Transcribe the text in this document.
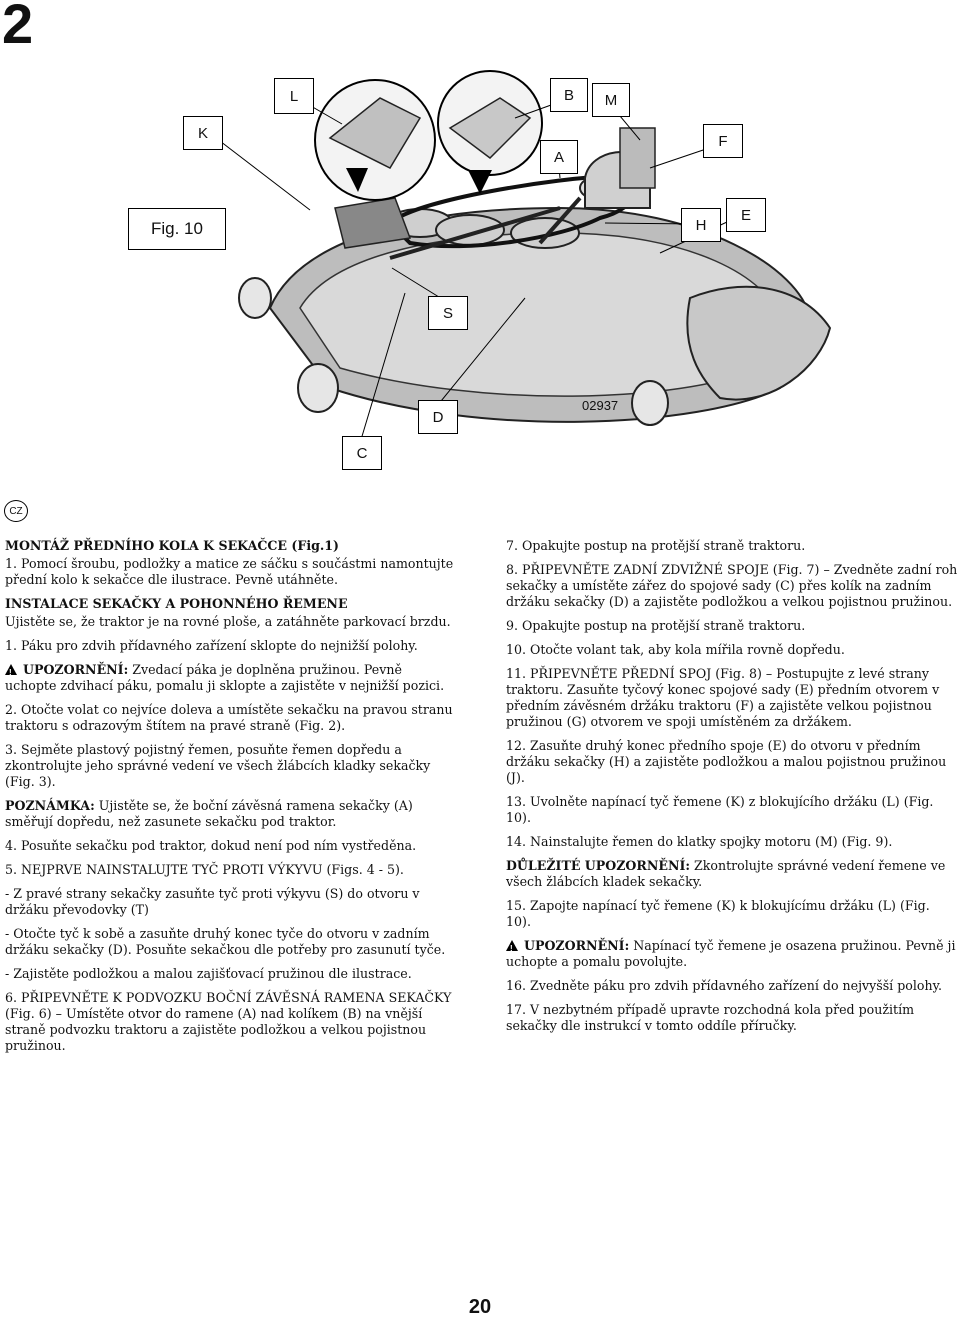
2
Fig. 10
L
K
B	M
A
F
H
E
S
D
C
02937
CZ

MONTÁŽ PŘEDNÍHO KOLA K SEKAČCE (Fig.1)

1. Pomocí šroubu, podložky a matice ze sáčku s součástmi namontujte přední kolo k sekačce dle ilustrace. Pevně utáhněte.

INSTALACE SEKAČKY A POHONNÉHO ŘEMENE

Ujistěte se, že traktor je na rovné ploše, a zatáhněte parkovací brzdu.

1. Páku pro zdvih přídavného zařízení sklopte do nejnižší polohy.

!UPOZORNĚNÍ: Zvedací páka je doplněna pružinou. Pevně uchopte zdvihací páku, pomalu ji sklopte a zajistěte v nejnižší pozici.

2. Otočte volat co nejvíce doleva a umístěte sekačku na pravou stranu traktoru s odrazovým štítem na pravé straně (Fig. 2).

3. Sejměte plastový pojistný řemen, posuňte řemen dopředu a zkontrolujte jeho správné vedení ve všech žlábcích kladky sekačky (Fig. 3).

POZNÁMKA: Ujistěte se, že boční závěsná ramena sekačky (A) směřují dopředu, než zasunete sekačku pod traktor.

4. Posuňte sekačku pod traktor, dokud není pod ním vystředěna.

5. NEJPRVE NAINSTALUJTE TYČ PROTI VÝKYVU (Figs. 4 - 5).

- Z pravé strany sekačky zasuňte tyč proti výkyvu (S) do otvoru v držáku převodovky (T)

- Otočte tyč k sobě a zasuňte druhý konec tyče do otvoru v zadním držáku sekačky (D). Posuňte sekačkou dle potřeby pro zasunutí tyče.

- Zajistěte podložkou a malou zajišťovací pružinou dle ilustrace.

6. PŘIPEVNĚTE K PODVOZKU BOČNÍ ZÁVĚSNÁ RAMENA SEKAČKY (Fig. 6) – Umístěte otvor do ramene (A) nad kolíkem (B) na vnější straně podvozku traktoru a zajistěte podložkou a velkou pojistnou pružinou.

7. Opakujte postup na protější straně traktoru.

8. PŘIPEVNĚTE ZADNÍ ZDVIŽNÉ SPOJE (Fig. 7) – Zvedněte zadní roh sekačky a umístěte zářez do spojové sady (C) přes kolík na zadním držáku sekačky (D) a zajistěte podložkou a velkou pojistnou pružinou.

9. Opakujte postup na protější straně traktoru.

10. Otočte volant tak, aby kola mířila rovně dopředu.

11. PŘIPEVNĚTE PŘEDNÍ SPOJ (Fig. 8) – Postupujte z levé strany traktoru. Zasuňte tyčový konec spojové sady (E) předním otvorem v předním závěsném držáku traktoru (F) a zajistěte velkou pojistnou pružinou (G) otvorem ve spoji umístěném za držákem.

12. Zasuňte druhý konec předního spoje (E) do otvoru v předním držáku sekačky (H) a zajistěte podložkou a malou pojistnou pružinou (J).

13. Uvolněte napínací tyč řemene (K) z blokujícího držáku (L) (Fig. 10).

14. Nainstalujte řemen do klatky spojky motoru (M) (Fig. 9).

DŮLEŽITÉ UPOZORNĚNÍ: Zkontrolujte správné vedení řemene ve všech žlábcích kladek sekačky.

15. Zapojte napínací tyč řemene (K) k blokujícímu držáku (L) (Fig. 10).

!UPOZORNĚNÍ: Napínací tyč řemene je osazena pružinou. Pevně ji uchopte a pomalu povolujte.

16. Zvedněte páku pro zdvih přídavného zařízení do nejvyšší polohy.

17. V nezbytném případě upravte rozchodná kola před použitím sekačky dle instrukcí v tomto oddíle příručky.

20
